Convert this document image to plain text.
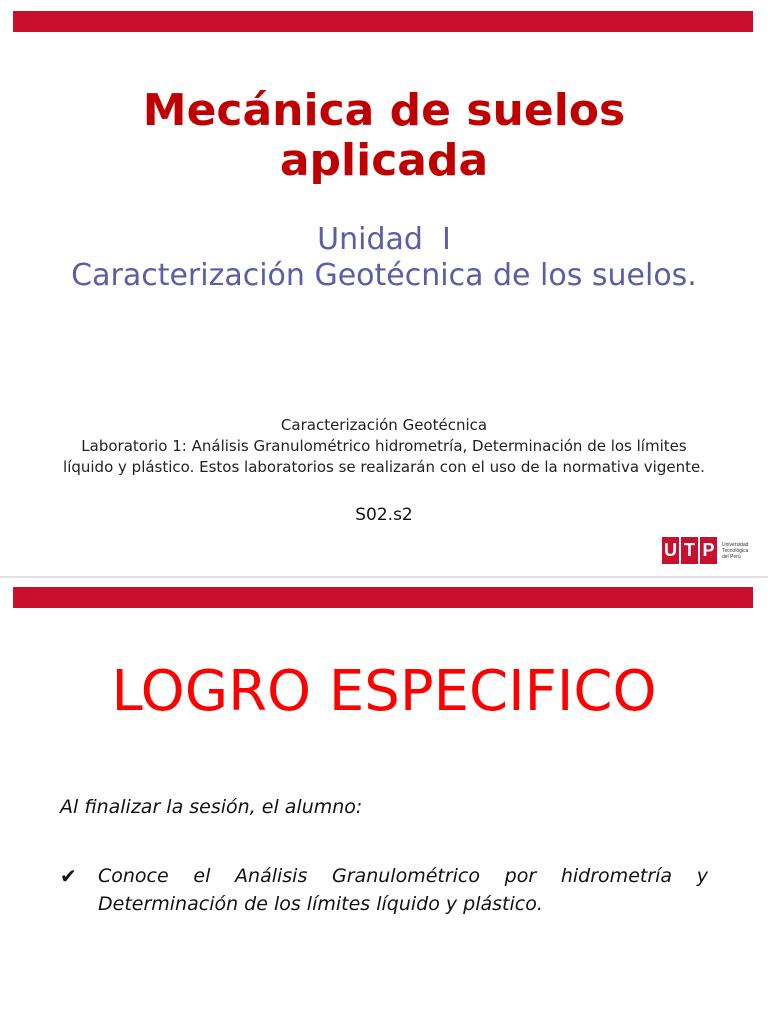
Mecánica de suelos aplicada
Unidad  I
Caracterización Geotécnica de los suelos.
Caracterización Geotécnica
Laboratorio 1: Análisis Granulométrico hidrometría, Determinación de los límites líquido y plástico. Estos laboratorios se realizarán con el uso de la normativa vigente.
S02.s2
U T P	Universidad Tecnológica del Perú
LOGRO ESPECIFICO
Al finalizar la sesión, el alumno:
✔	Conoce el Análisis Granulométrico por hidrometría y Determinación de los límites líquido y plástico.
